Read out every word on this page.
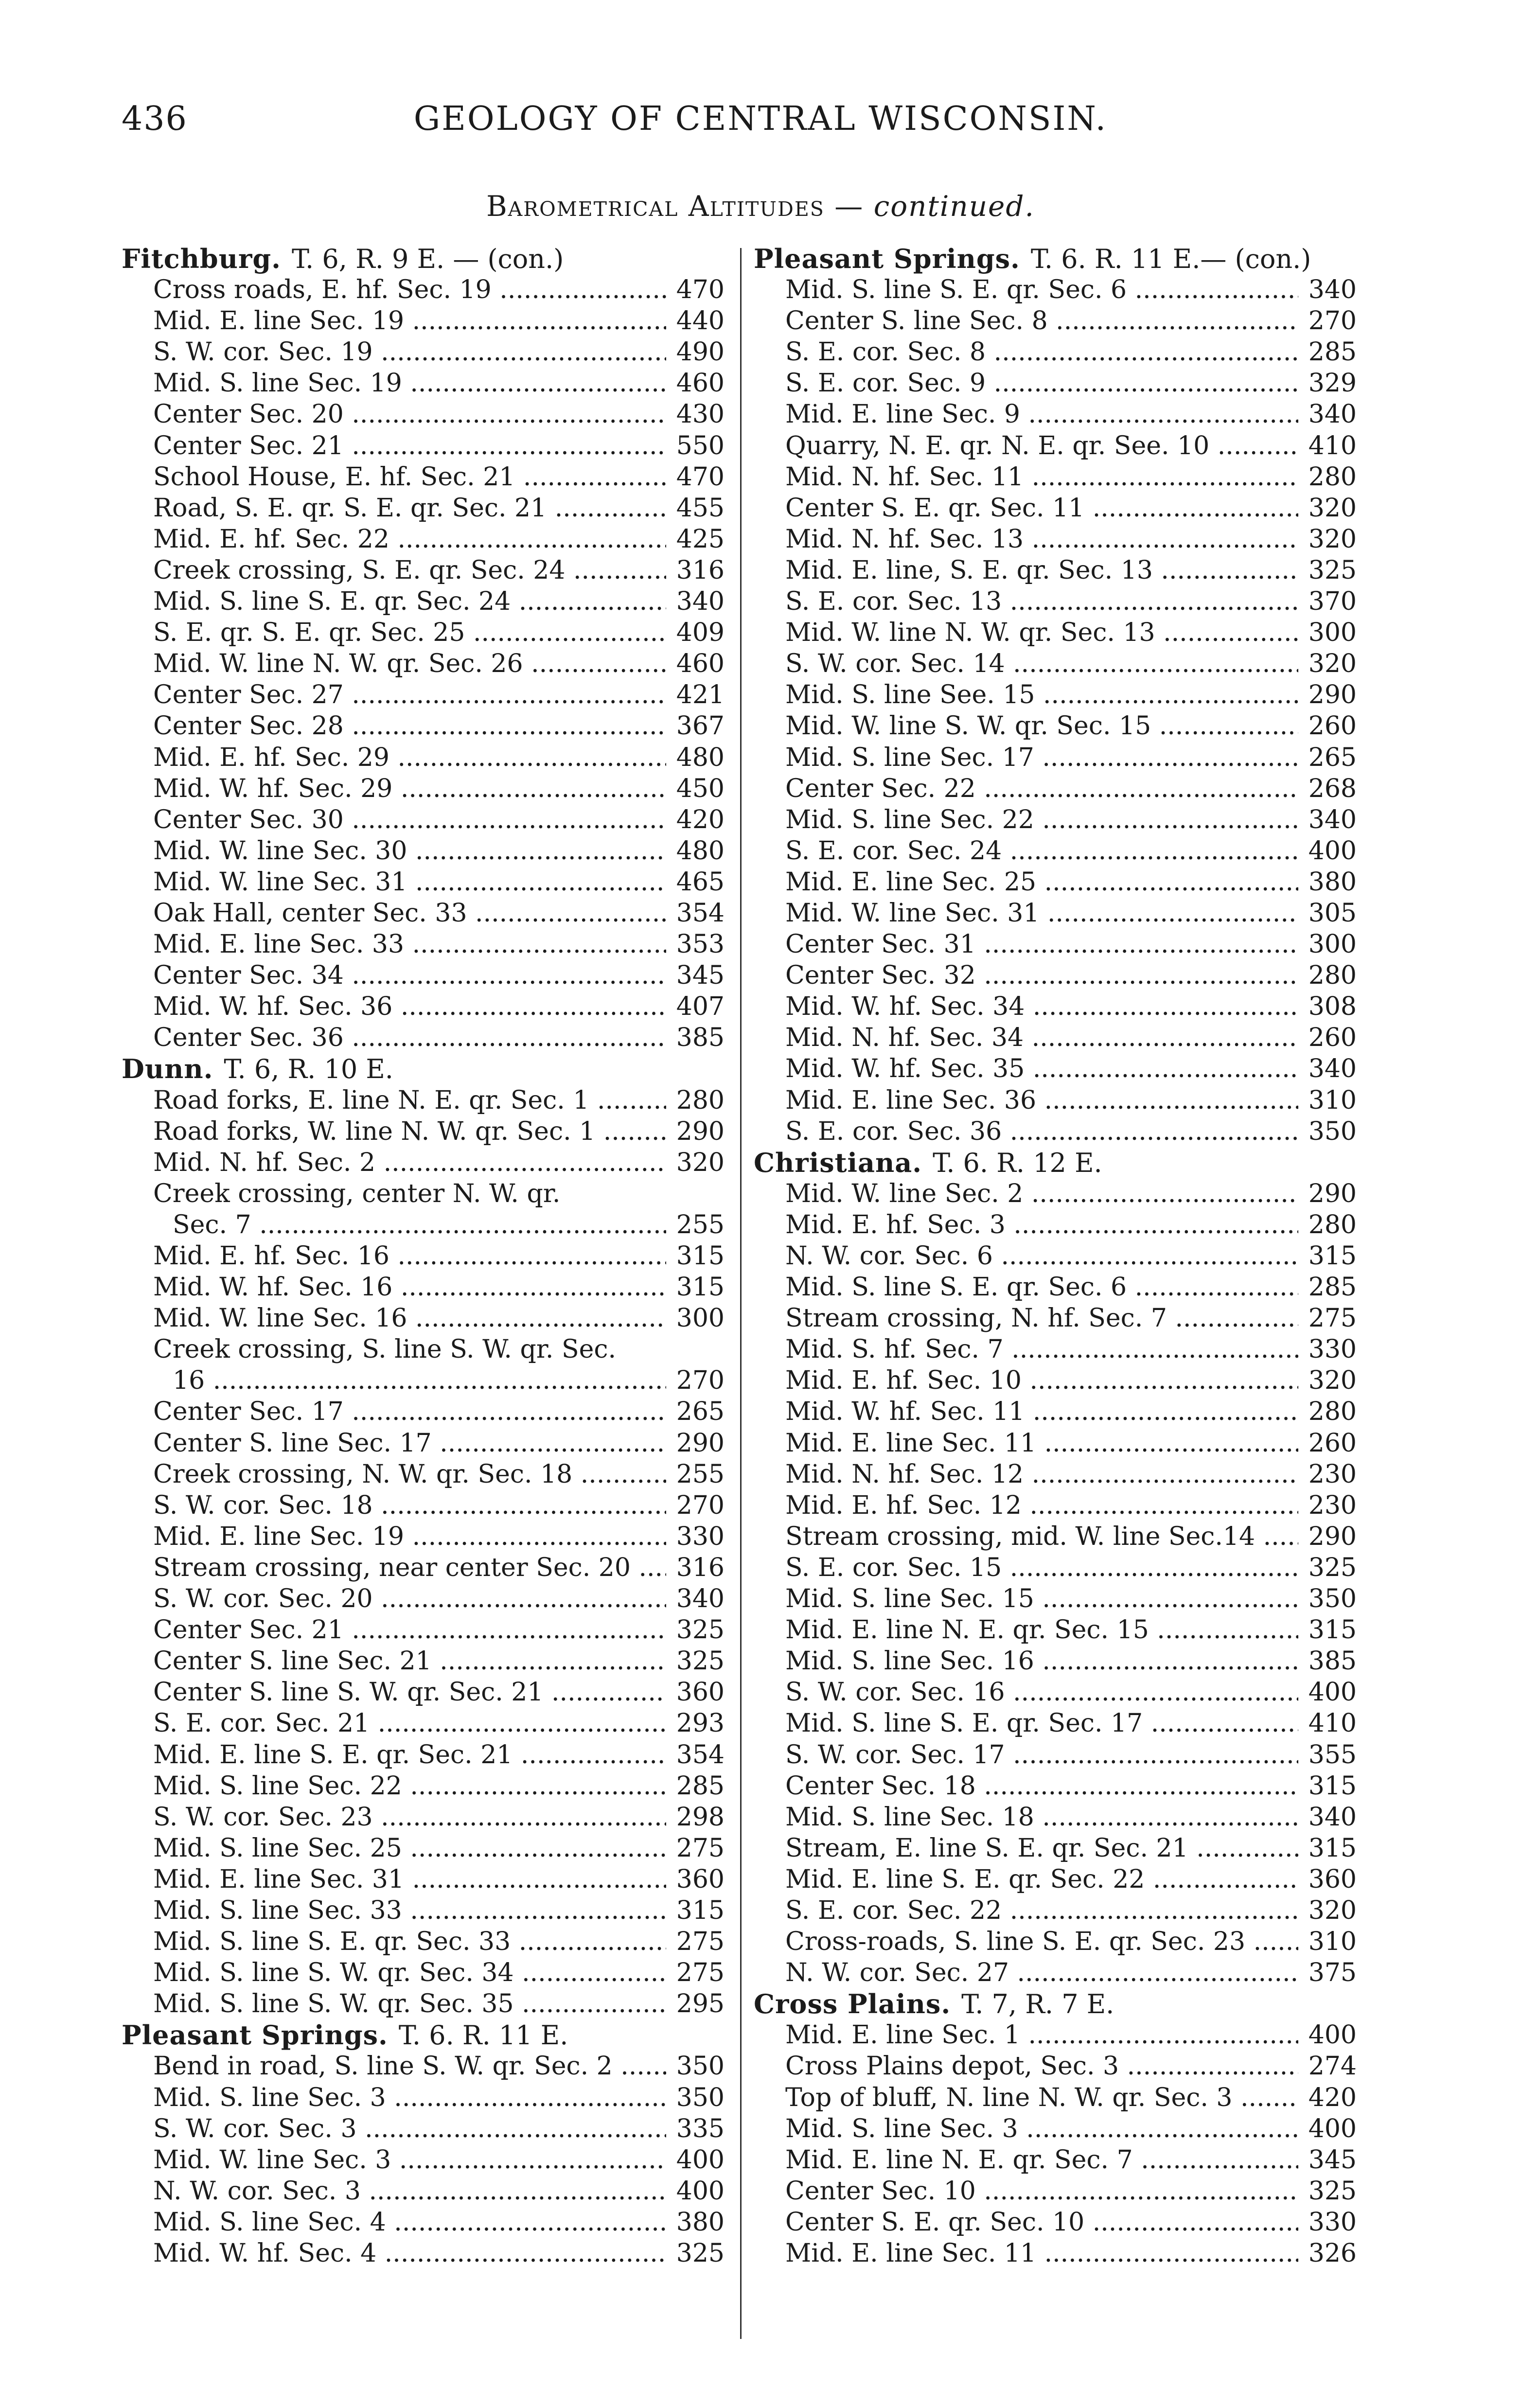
436	GEOLOGY OF CENTRAL WISCONSIN.
Barometrical Altitudes — continued.
Fitchburg. T. 6, R. 9 E. — (con.)
Cross roads, E. hf. Sec. 19 .....	470
Mid. E. line Sec. 19 .....	440
S. W. cor. Sec. 19 .....	490
Mid. S. line Sec. 19 .....	460
Center Sec. 20 .....	430
Center Sec. 21 .....	550
School House, E. hf. Sec. 21 .....	470
Road, S. E. qr. S. E. qr. Sec. 21 .....	455
Mid. E. hf. Sec. 22 .....	425
Creek crossing, S. E. qr. Sec. 24 .....	316
Mid. S. line S. E. qr. Sec. 24 .....	340
S. E. qr. S. E. qr. Sec. 25 .....	409
Mid. W. line N. W. qr. Sec. 26 .....	460
Center Sec. 27 .....	421
Center Sec. 28 .....	367
Mid. E. hf. Sec. 29 .....	480
Mid. W. hf. Sec. 29 .....	450
Center Sec. 30 .....	420
Mid. W. line Sec. 30 .....	480
Mid. W. line Sec. 31 .....	465
Oak Hall, center Sec. 33 .....	354
Mid. E. line Sec. 33 .....	353
Center Sec. 34 .....	345
Mid. W. hf. Sec. 36 .....	407
Center Sec. 36 .....	385
Dunn. T. 6, R. 10 E.
Road forks, E. line N. E. qr. Sec. 1 .....	280
Road forks, W. line N. W. qr. Sec. 1 .....	290
Mid. N. hf. Sec. 2 .....	320
Creek crossing, center N. W. qr.
Sec. 7 .....	255
Mid. E. hf. Sec. 16 .....	315
Mid. W. hf. Sec. 16 .....	315
Mid. W. line Sec. 16 .....	300
Creek crossing, S. line S. W. qr. Sec.
16 .....	270
Center Sec. 17 .....	265
Center S. line Sec. 17 .....	290
Creek crossing, N. W. qr. Sec. 18 .....	255
S. W. cor. Sec. 18 .....	270
Mid. E. line Sec. 19 .....	330
Stream crossing, near center Sec. 20 .....	316
S. W. cor. Sec. 20 .....	340
Center Sec. 21 .....	325
Center S. line Sec. 21 .....	325
Center S. line S. W. qr. Sec. 21 .....	360
S. E. cor. Sec. 21 .....	293
Mid. E. line S. E. qr. Sec. 21 .....	354
Mid. S. line Sec. 22 .....	285
S. W. cor. Sec. 23 .....	298
Mid. S. line Sec. 25 .....	275
Mid. E. line Sec. 31 .....	360
Mid. S. line Sec. 33 .....	315
Mid. S. line S. E. qr. Sec. 33 .....	275
Mid. S. line S. W. qr. Sec. 34 .....	275
Mid. S. line S. W. qr. Sec. 35 .....	295
Pleasant Springs. T. 6. R. 11 E.
Bend in road, S. line S. W. qr. Sec. 2 .....	350
Mid. S. line Sec. 3 .....	350
S. W. cor. Sec. 3 .....	335
Mid. W. line Sec. 3 .....	400
N. W. cor. Sec. 3 .....	400
Mid. S. line Sec. 4 .....	380
Mid. W. hf. Sec. 4 .....	325
Pleasant Springs. T. 6. R. 11 E.— (con.)
Mid. S. line S. E. qr. Sec. 6 .....	340
Center S. line Sec. 8 .....	270
S. E. cor. Sec. 8 .....	285
S. E. cor. Sec. 9 .....	329
Mid. E. line Sec. 9 .....	340
Quarry, N. E. qr. N. E. qr. See. 10 .....	410
Mid. N. hf. Sec. 11 .....	280
Center S. E. qr. Sec. 11 .....	320
Mid. N. hf. Sec. 13 .....	320
Mid. E. line, S. E. qr. Sec. 13 .....	325
S. E. cor. Sec. 13 .....	370
Mid. W. line N. W. qr. Sec. 13 .....	300
S. W. cor. Sec. 14 .....	320
Mid. S. line See. 15 .....	290
Mid. W. line S. W. qr. Sec. 15 .....	260
Mid. S. line Sec. 17 .....	265
Center Sec. 22 .....	268
Mid. S. line Sec. 22 .....	340
S. E. cor. Sec. 24 .....	400
Mid. E. line Sec. 25 .....	380
Mid. W. line Sec. 31 .....	305
Center Sec. 31 .....	300
Center Sec. 32 .....	280
Mid. W. hf. Sec. 34 .....	308
Mid. N. hf. Sec. 34 .....	260
Mid. W. hf. Sec. 35 .....	340
Mid. E. line Sec. 36 .....	310
S. E. cor. Sec. 36 .....	350
Christiana. T. 6. R. 12 E.
Mid. W. line Sec. 2 .....	290
Mid. E. hf. Sec. 3 .....	280
N. W. cor. Sec. 6 .....	315
Mid. S. line S. E. qr. Sec. 6 .....	285
Stream crossing, N. hf. Sec. 7 .....	275
Mid. S. hf. Sec. 7 .....	330
Mid. E. hf. Sec. 10 .....	320
Mid. W. hf. Sec. 11 .....	280
Mid. E. line Sec. 11 .....	260
Mid. N. hf. Sec. 12 .....	230
Mid. E. hf. Sec. 12 .....	230
Stream crossing, mid. W. line Sec.14 .....	290
S. E. cor. Sec. 15 .....	325
Mid. S. line Sec. 15 .....	350
Mid. E. line N. E. qr. Sec. 15 .....	315
Mid. S. line Sec. 16 .....	385
S. W. cor. Sec. 16 .....	400
Mid. S. line S. E. qr. Sec. 17 .....	410
S. W. cor. Sec. 17 .....	355
Center Sec. 18 .....	315
Mid. S. line Sec. 18 .....	340
Stream, E. line S. E. qr. Sec. 21 .....	315
Mid. E. line S. E. qr. Sec. 22 .....	360
S. E. cor. Sec. 22 .....	320
Cross-roads, S. line S. E. qr. Sec. 23 .....	310
N. W. cor. Sec. 27 .....	375
Cross Plains. T. 7, R. 7 E.
Mid. E. line Sec. 1 .....	400
Cross Plains depot, Sec. 3 .....	274
Top of bluff, N. line N. W. qr. Sec. 3 .....	420
Mid. S. line Sec. 3 .....	400
Mid. E. line N. E. qr. Sec. 7 .....	345
Center Sec. 10 .....	325
Center S. E. qr. Sec. 10 .....	330
Mid. E. line Sec. 11 .....	326
